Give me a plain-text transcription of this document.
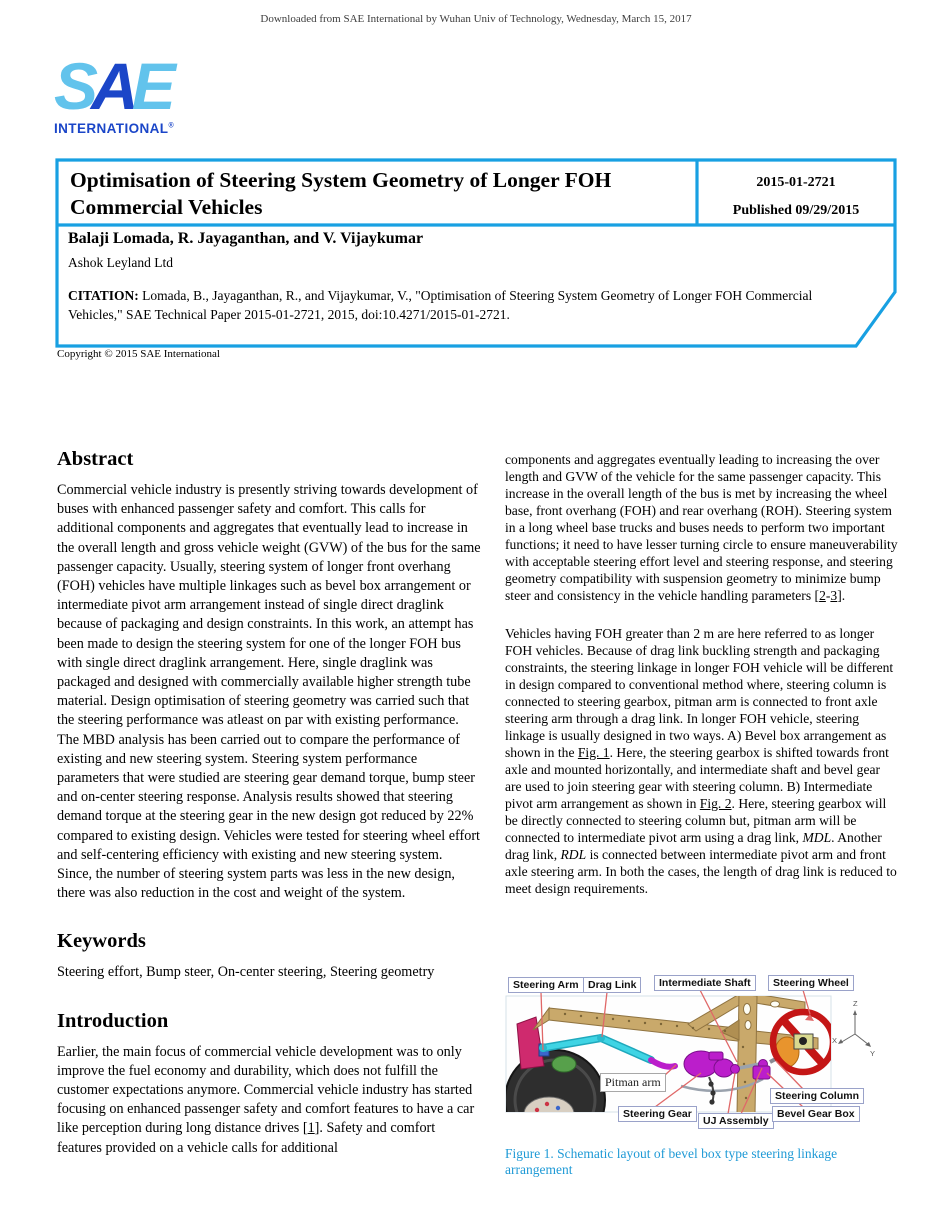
Downloaded from SAE International by Wuhan Univ of Technology, Wednesday, March 15, 2017
SAE
INTERNATIONAL®
Optimisation of Steering System Geometry of Longer FOH Commercial Vehicles
2015-01-2721
Published 09/29/2015
Balaji Lomada, R. Jayaganthan, and V. Vijaykumar
Ashok Leyland Ltd
CITATION: Lomada, B., Jayaganthan, R., and Vijaykumar, V., "Optimisation of Steering System Geometry of Longer FOH Commercial Vehicles," SAE Technical Paper 2015-01-2721, 2015, doi:10.4271/2015-01-2721.
Copyright © 2015 SAE International
Abstract

Commercial vehicle industry is presently striving towards development of buses with enhanced passenger safety and comfort. This calls for additional components and aggregates that eventually lead to increase in the overall length and gross vehicle weight (GVW) of the bus for the same passenger capacity. Usually, steering system of longer front overhang (FOH) vehicles have multiple linkages such as bevel box arrangement or intermediate pivot arm arrangement instead of single direct draglink because of packaging and design constraints. In this work, an attempt has been made to design the steering system for one of the longer FOH bus with single direct draglink arrangement. Here, single draglink was packaged and designed with commercially available higher strength tube material. Design optimisation of steering geometry was carried such that the steering performance was atleast on par with existing performance. The MBD analysis has been carried out to compare the performance of existing and new steering system. Steering system performance parameters that were studied are steering gear demand torque, bump steer and on-center steering response. Analysis results showed that steering demand torque at the steering gear in the new design got reduced by 22% compared to existing design. Vehicles were tested for steering wheel effort and self-centering efficiency with existing and new steering system. Since, the number of steering system parts was less in the new design, there was also reduction in the cost and weight of the system.

Keywords

Steering effort, Bump steer, On-center steering, Steering geometry

Introduction

Earlier, the main focus of commercial vehicle development was to only improve the fuel economy and durability, which does not fulfill the customer expectations anymore. Commercial vehicle industry has started focusing on enhanced passenger safety and comfort features to have a car like perception during long distance drives [1]. Safety and comfort features provided on a vehicle calls for additional

components and aggregates eventually leading to increasing the over length and GVW of the vehicle for the same passenger capacity. This increase in the overall length of the bus is met by increasing the wheel base, front overhang (FOH) and rear overhang (ROH). Steering system in a long wheel base trucks and buses needs to perform two important functions; it need to have lesser turning circle to ensure maneuverability with acceptable steering effort level and steering response, and steering geometry compatibility with suspension geometry to minimize bump steer and consistency in the vehicle handling parameters [2-3].

Vehicles having FOH greater than 2 m are here referred to as longer FOH vehicles. Because of drag link buckling strength and packaging constraints, the steering linkage in longer FOH vehicle will be different in design compared to conventional method where, steering column is connected to steering gearbox, pitman arm is connected to front axle steering arm through a drag link. In longer FOH vehicle, steering linkage is usually designed in two ways. A) Bevel box arrangement as shown in the Fig. 1. Here, the steering gearbox is shifted towards front axle and mounted horizontally, and intermediate shaft and bevel gear are used to join steering gear with steering column. B) Intermediate pivot arm arrangement as shown in Fig. 2. Here, steering gearbox will be directly connected to steering column but, pitman arm will be connected to intermediate pivot arm using a drag link, MDL. Another drag link, RDL is connected between intermediate pivot arm and front axle steering arm. In both the cases, the length of drag link is reduced to meet design requirements.

Z
X
Y
Steering Arm Drag Link	Intermediate Shaft	Steering Wheel
Pitman arm
Steering Gear
UJ Assembly
Steering Column
Bevel Gear Box
Figure 1. Schematic layout of bevel box type steering linkage arrangement
